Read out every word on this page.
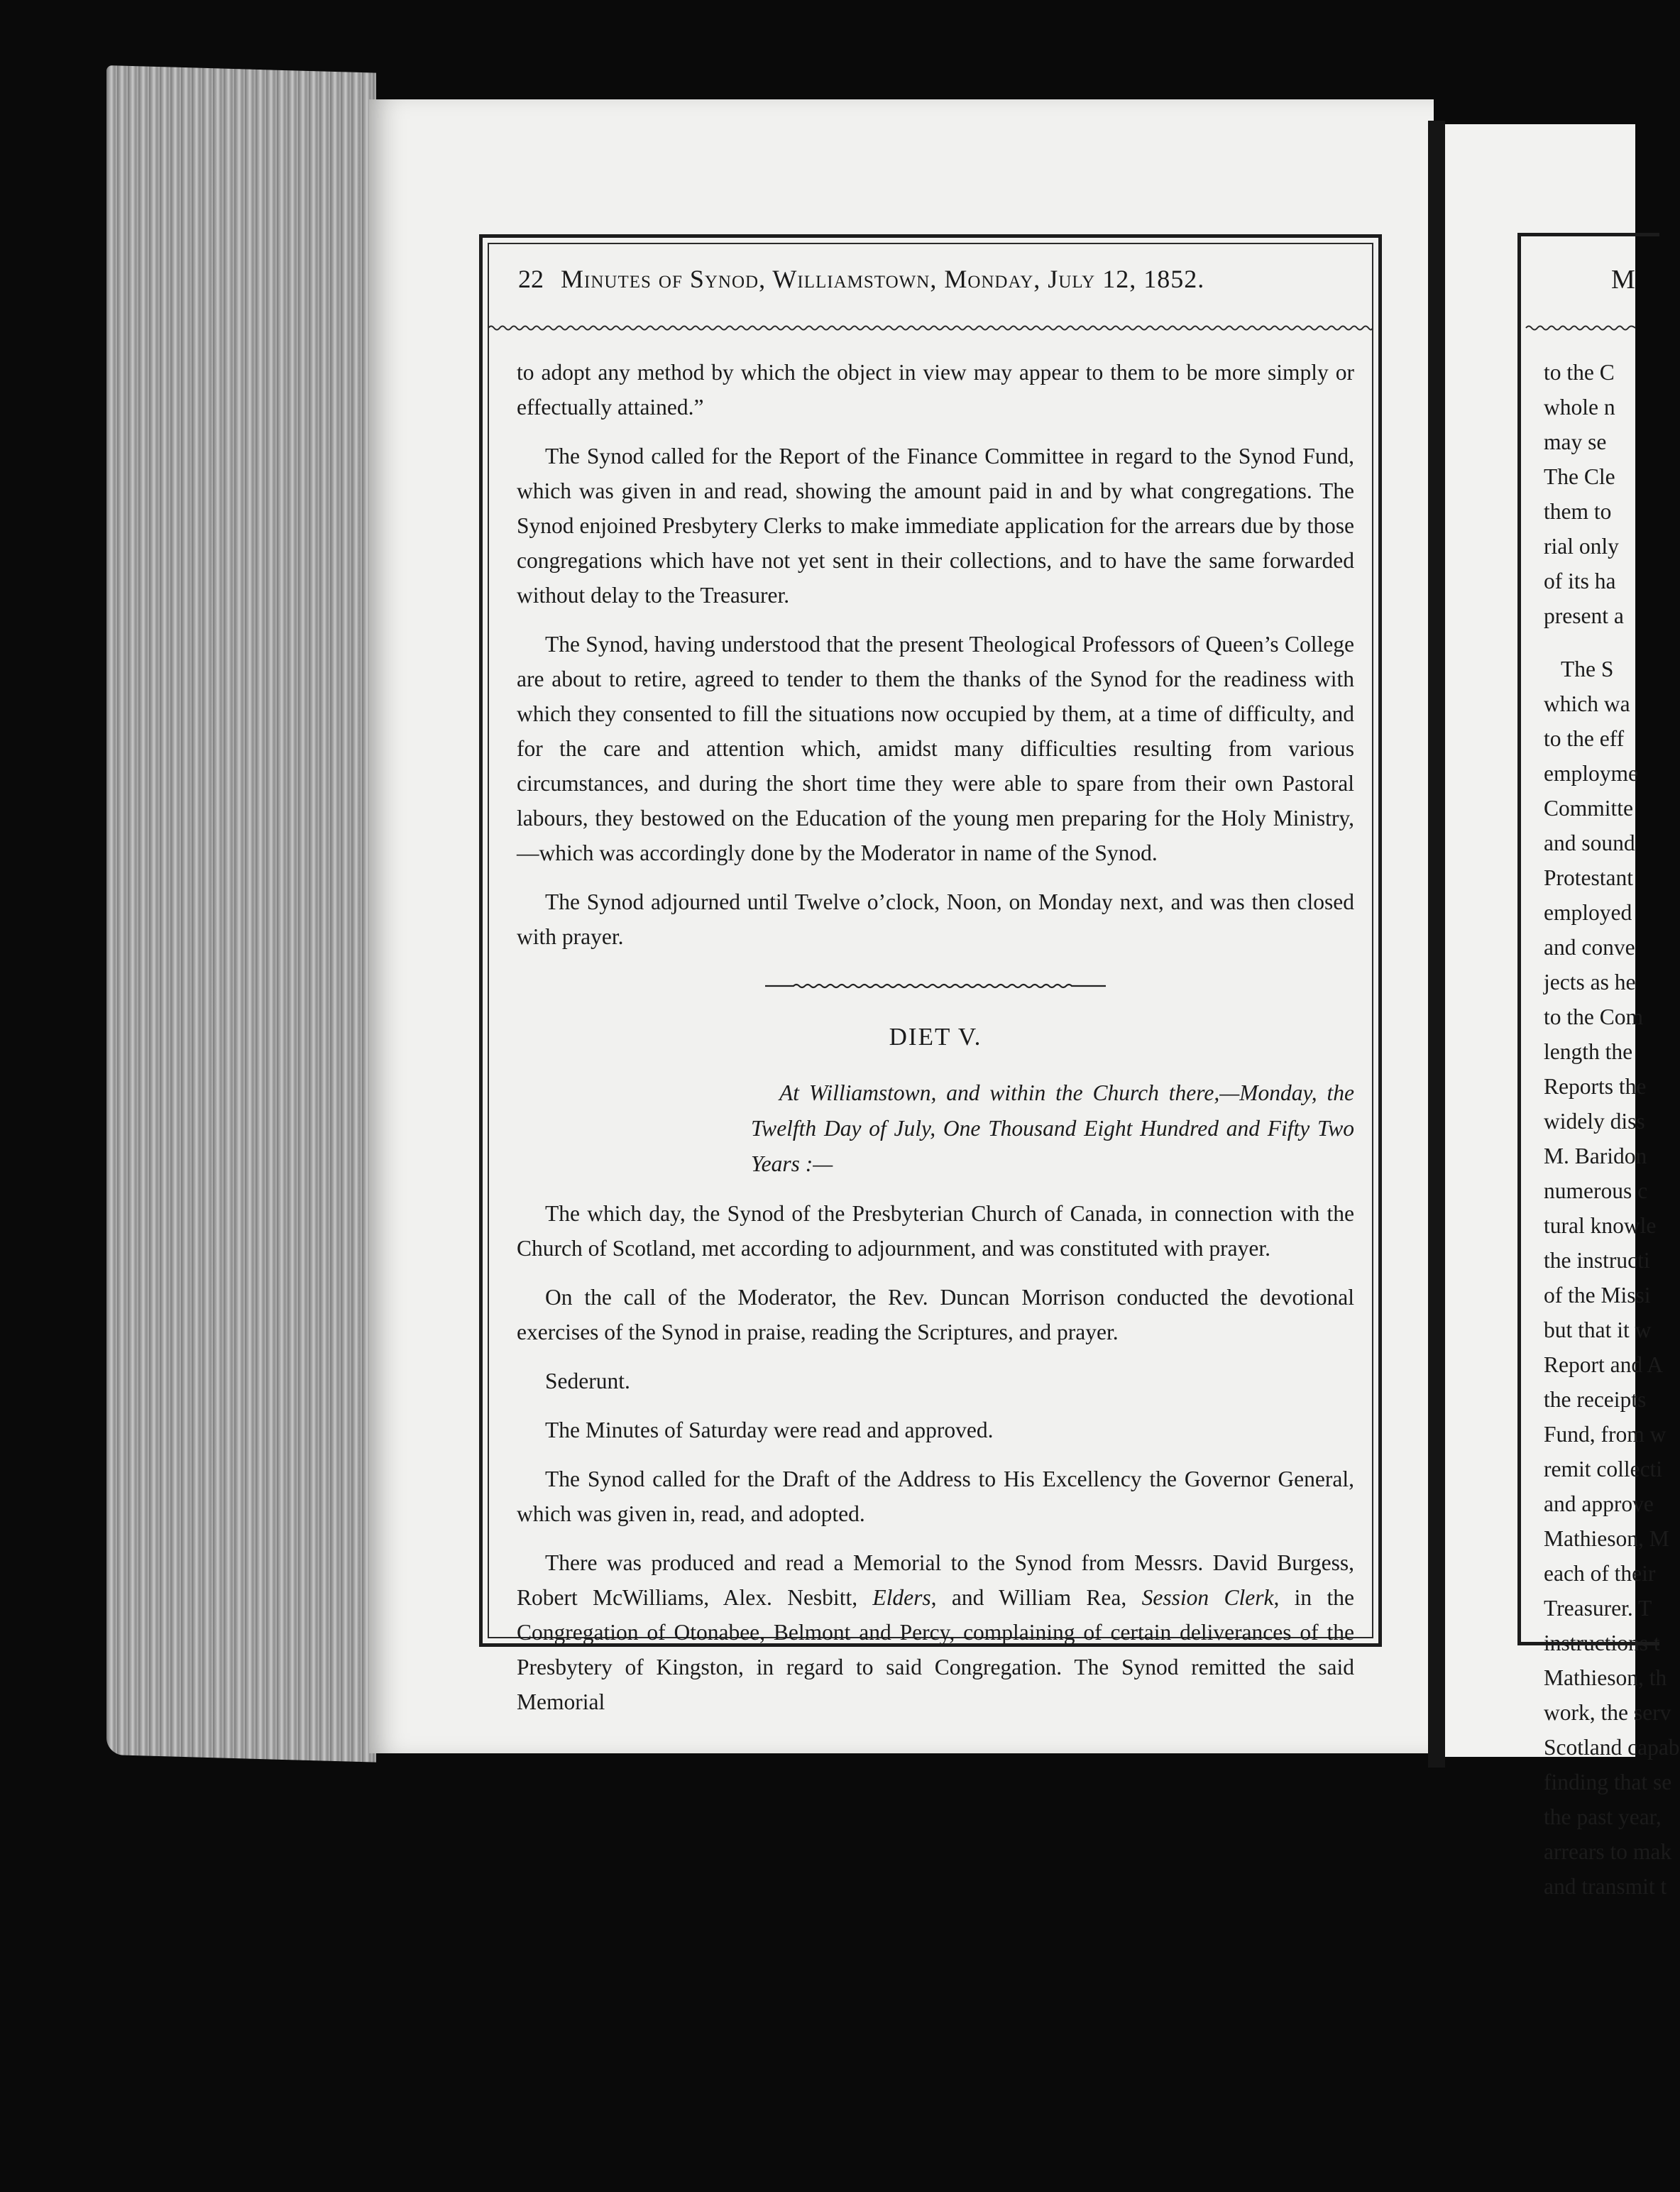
22 Minutes of Synod, Williamstown, Monday, July 12, 1852.

to adopt any method by which the object in view may appear to them to be more simply or effectually attained.”

The Synod called for the Report of the Finance Committee in regard to the Synod Fund, which was given in and read, showing the amount paid in and by what congregations. The Synod enjoined Presbytery Clerks to make immediate application for the arrears due by those congregations which have not yet sent in their collections, and to have the same forwarded without delay to the Treasurer.

The Synod, having understood that the present Theological Professors of Queen’s College are about to retire, agreed to tender to them the thanks of the Synod for the readiness with which they consented to fill the situations now occupied by them, at a time of difficulty, and for the care and attention which, amidst many difficulties resulting from various circumstances, and during the short time they were able to spare from their own Pastoral labours, they bestowed on the Education of the young men preparing for the Holy Ministry,—which was accordingly done by the Moderator in name of the Synod.

The Synod adjourned until Twelve o’clock, Noon, on Monday next, and was then closed with prayer.

DIET V.

At Williamstown, and within the Church there,—Monday, the Twelfth Day of July, One Thousand Eight Hundred and Fifty Two Years :—

The which day, the Synod of the Presbyterian Church of Canada, in connection with the Church of Scotland, met according to adjournment, and was constituted with prayer.

On the call of the Moderator, the Rev. Duncan Morrison conducted the devotional exercises of the Synod in praise, reading the Scriptures, and prayer.

Sederunt.

The Minutes of Saturday were read and approved.

The Synod called for the Draft of the Address to His Excellency the Governor General, which was given in, read, and adopted.

There was produced and read a Memorial to the Synod from Messrs. David Burgess, Robert McWilliams, Alex. Nesbitt, Elders, and William Rea, Session Clerk, in the Congregation of Otonabee, Belmont and Percy, complaining of certain deliverances of the Presbytery of Kingston, in regard to said Congregation. The Synod remitted the said Memorial

M
to the C
whole n
may se
The Cle
them to
rial only
of its ha
present a
The S
which wa
to the eff
employme
Committe
and sound
Protestant
employed
and conve
jects as he
to the Com
length the
Reports the
widely diss
M. Baridon
numerous c
tural knowle
the instructi
of the Missi
but that it w
Report and A
the receipts
Fund, from w
remit collecti
and approve
Mathieson, M
each of their
Treasurer. T
instructions t
Mathieson, th
work, the serv
Scotland capab
finding that se
the past year,
arrears to mak
and transmit t
